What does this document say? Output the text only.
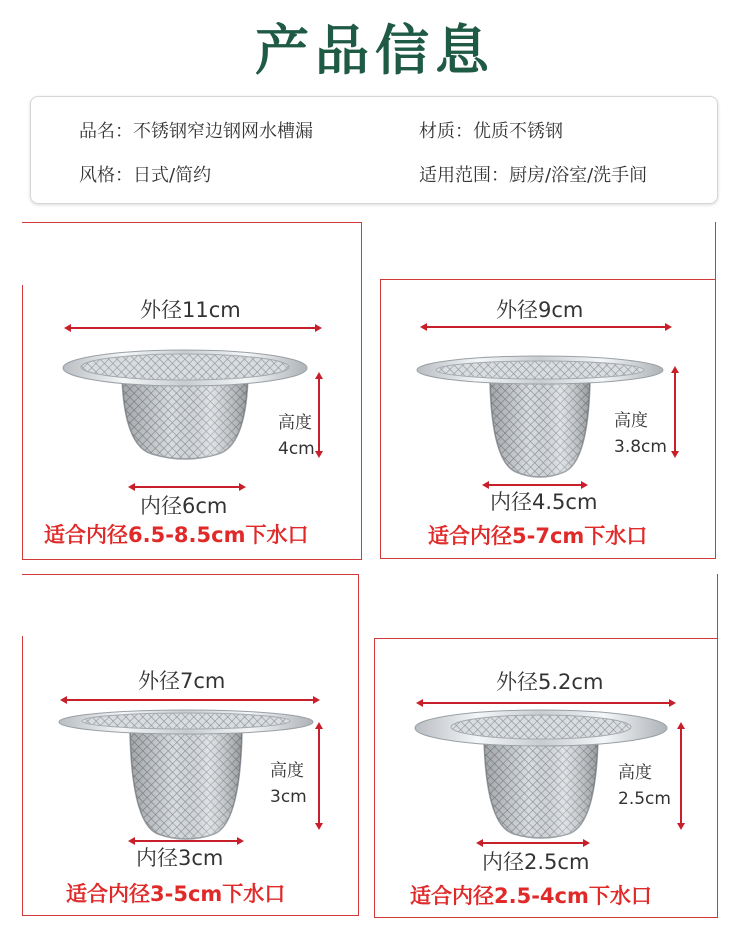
产品信息
品名：不锈钢窄边钢网水槽漏	材质：优质不锈钢
风格：日式/简约	适用范围：厨房/浴室/洗手间
外径11cm
高度
4cm
内径6cm
适合内径6.5-8.5cm下水口
外径9cm
高度
3.8cm
内径4.5cm
适合内径5-7cm下水口
外径7cm
高度
3cm
内径3cm
适合内径3-5cm下水口
外径5.2cm
高度
2.5cm
内径2.5cm
适合内径2.5-4cm下水口
